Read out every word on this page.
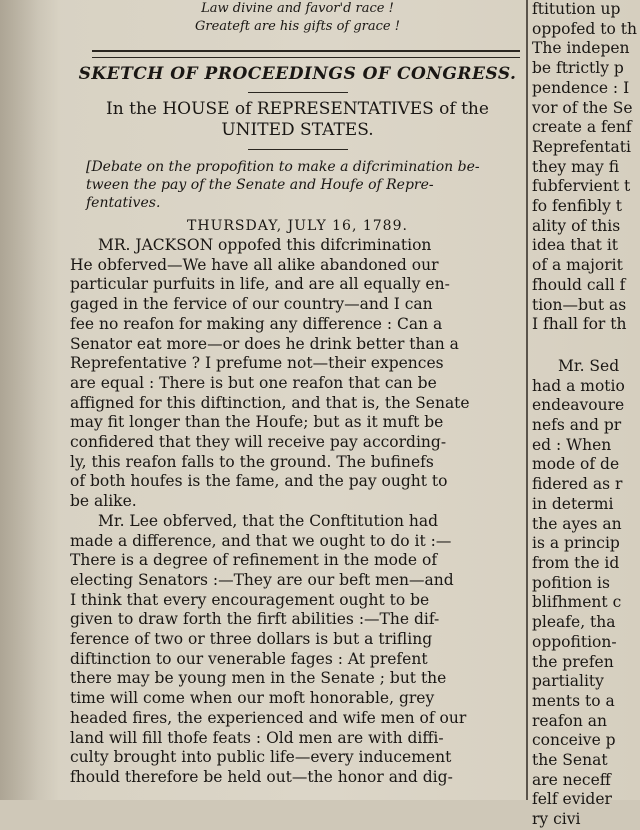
Law divine and favor'd race !
Greateft are his gifts of grace !
SKETCH OF PROCEEDINGS OF CONGRESS.
In the HOUSE of REPRESENTATIVES of the
UNITED STATES.
[Debate on the propofition to make a difcrimination be-
tween the pay of the Senate and Houfe of Repre-
fentatives.
THURSDAY, JULY 16, 1789.
MR. JACKSON oppofed this difcrimination
He obferved—We have all alike abandoned our
particular purfuits in life, and are all equally en-
gaged in the fervice of our country—and I can
fee no reafon for making any difference : Can a
Senator eat more—or does he drink better than a
Reprefentative ? I prefume not—their expences
are equal : There is but one reafon that can be
affigned for this diftinction, and that is, the Senate
may fit longer than the Houfe; but as it muft be
confidered that they will receive pay according-
ly, this reafon falls to the ground. The bufinefs
of both houfes is the fame, and the pay ought to
be alike.
Mr. Lee obferved, that the Conftitution had
made a difference, and that we ought to do it :—
There is a degree of refinement in the mode of
electing Senators :—They are our beft men—and
I think that every encouragement ought to be
given to draw forth the firft abilities :—The dif-
ference of two or three dollars is but a trifling
diftinction to our venerable fages : At prefent
there may be young men in the Senate ; but the
time will come when our moft honorable, grey
headed fires, the experienced and wife men of our
land will fill thofe feats : Old men are with diffi-
culty brought into public life—every inducement
fhould therefore be held out—the honor and dig-
ftitution up
oppofed to th
The indepen
be ftrictly p
pendence : I
vor of the Se
create a fenf
Reprefentati
they may fi
fubfervient t
fo fenfibly t
ality of this
idea that it
of a majorit
fhould call f
tion—but as
I fhall for th
Mr. Sed
had a motio
endeavoure
nefs and pr
ed : When
mode of de
fidered as r
in determi
the ayes an
is a princip
from the id
pofition is
blifhment c
pleafe, tha
oppofition-
the prefen
partiality
ments to a
reafon an
conceive p
the Senat
are neceff
felf evider
ry civi
